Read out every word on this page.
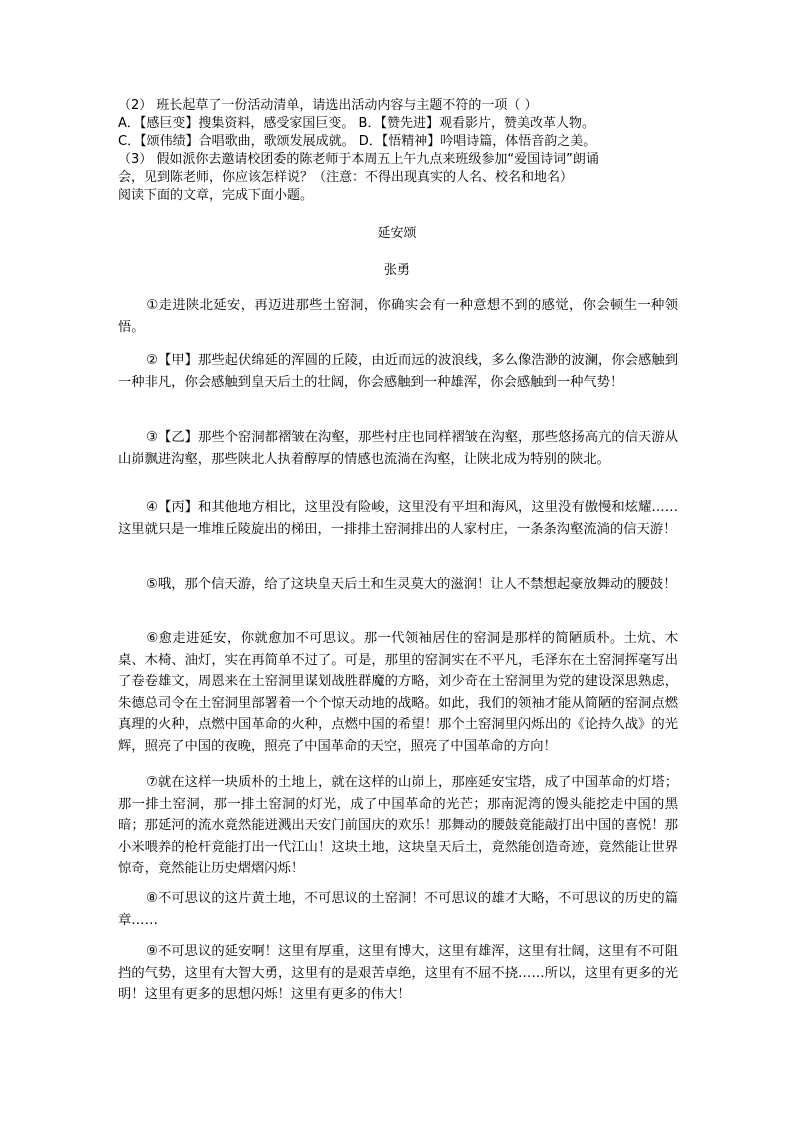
（2） 班长起草了一份活动清单，请选出活动内容与主题不符的一项（ ）
A．【感巨变】搜集资料，感受家国巨变。 B．【赞先进】观看影片，赞美改革人物。
C．【颂伟绩】合唱歌曲，歌颂发展成就。 D．【悟精神】吟唱诗篇，体悟音韵之美。
（3） 假如派你去邀请校团委的陈老师于本周五上午九点来班级参加“爱国诗词”朗诵
会，见到陈老师，你应该怎样说？（注意：不得出现真实的人名、校名和地名）
阅读下面的文章，完成下面小题。
延安颂
张勇
①走进陕北延安，再迈进那些土窑洞，你确实会有一种意想不到的感觉，你会顿生一种领悟。
②【甲】那些起伏绵延的浑圆的丘陵，由近而远的波浪线，多么像浩渺的波澜，你会感触到一种非凡，你会感触到皇天后土的壮阔，你会感触到一种雄浑，你会感触到一种气势！
③【乙】那些个窑洞都褶皱在沟壑，那些村庄也同样褶皱在沟壑，那些悠扬高亢的信天游从山峁飘进沟壑，那些陕北人执着醇厚的情感也流淌在沟壑，让陕北成为特别的陕北。
④【丙】和其他地方相比，这里没有险峻，这里没有平坦和海风，这里没有傲慢和炫耀……这里就只是一堆堆丘陵旋出的梯田，一排排土窑洞排出的人家村庄，一条条沟壑流淌的信天游！
⑤哦，那个信天游，给了这块皇天后土和生灵莫大的滋润！让人不禁想起豪放舞动的腰鼓！
⑥愈走进延安，你就愈加不可思议。那一代领袖居住的窑洞是那样的简陋质朴。土炕、木桌、木椅、油灯，实在再简单不过了。可是，那里的窑洞实在不平凡，毛泽东在土窑洞挥毫写出了卷卷雄文，周恩来在土窑洞里谋划战胜群魔的方略，刘少奇在土窑洞里为党的建设深思熟虑，朱德总司令在土窑洞里部署着一个个惊天动地的战略。如此，我们的领袖才能从简陋的窑洞点燃真理的火种，点燃中国革命的火种，点燃中国的希望！那个土窑洞里闪烁出的《论持久战》的光辉，照亮了中国的夜晚，照亮了中国革命的天空，照亮了中国革命的方向！
⑦就在这样一块质朴的土地上，就在这样的山峁上，那座延安宝塔，成了中国革命的灯塔；那一排土窑洞，那一排土窑洞的灯光，成了中国革命的光芒；那南泥湾的馒头能挖走中国的黑暗；那延河的流水竟然能迸溅出天安门前国庆的欢乐！那舞动的腰鼓竟能敲打出中国的喜悦！那小米喂养的枪杆竟能打出一代江山！这块土地，这块皇天后土，竟然能创造奇迹，竟然能让世界惊奇，竟然能让历史熠熠闪烁！
⑧不可思议的这片黄土地，不可思议的土窑洞！不可思议的雄才大略，不可思议的历史的篇章……
⑨不可思议的延安啊！这里有厚重，这里有博大，这里有雄浑，这里有壮阔，这里有不可阻挡的气势，这里有大智大勇，这里有的是艰苦卓绝，这里有不屈不挠……所以，这里有更多的光明！这里有更多的思想闪烁！这里有更多的伟大！
